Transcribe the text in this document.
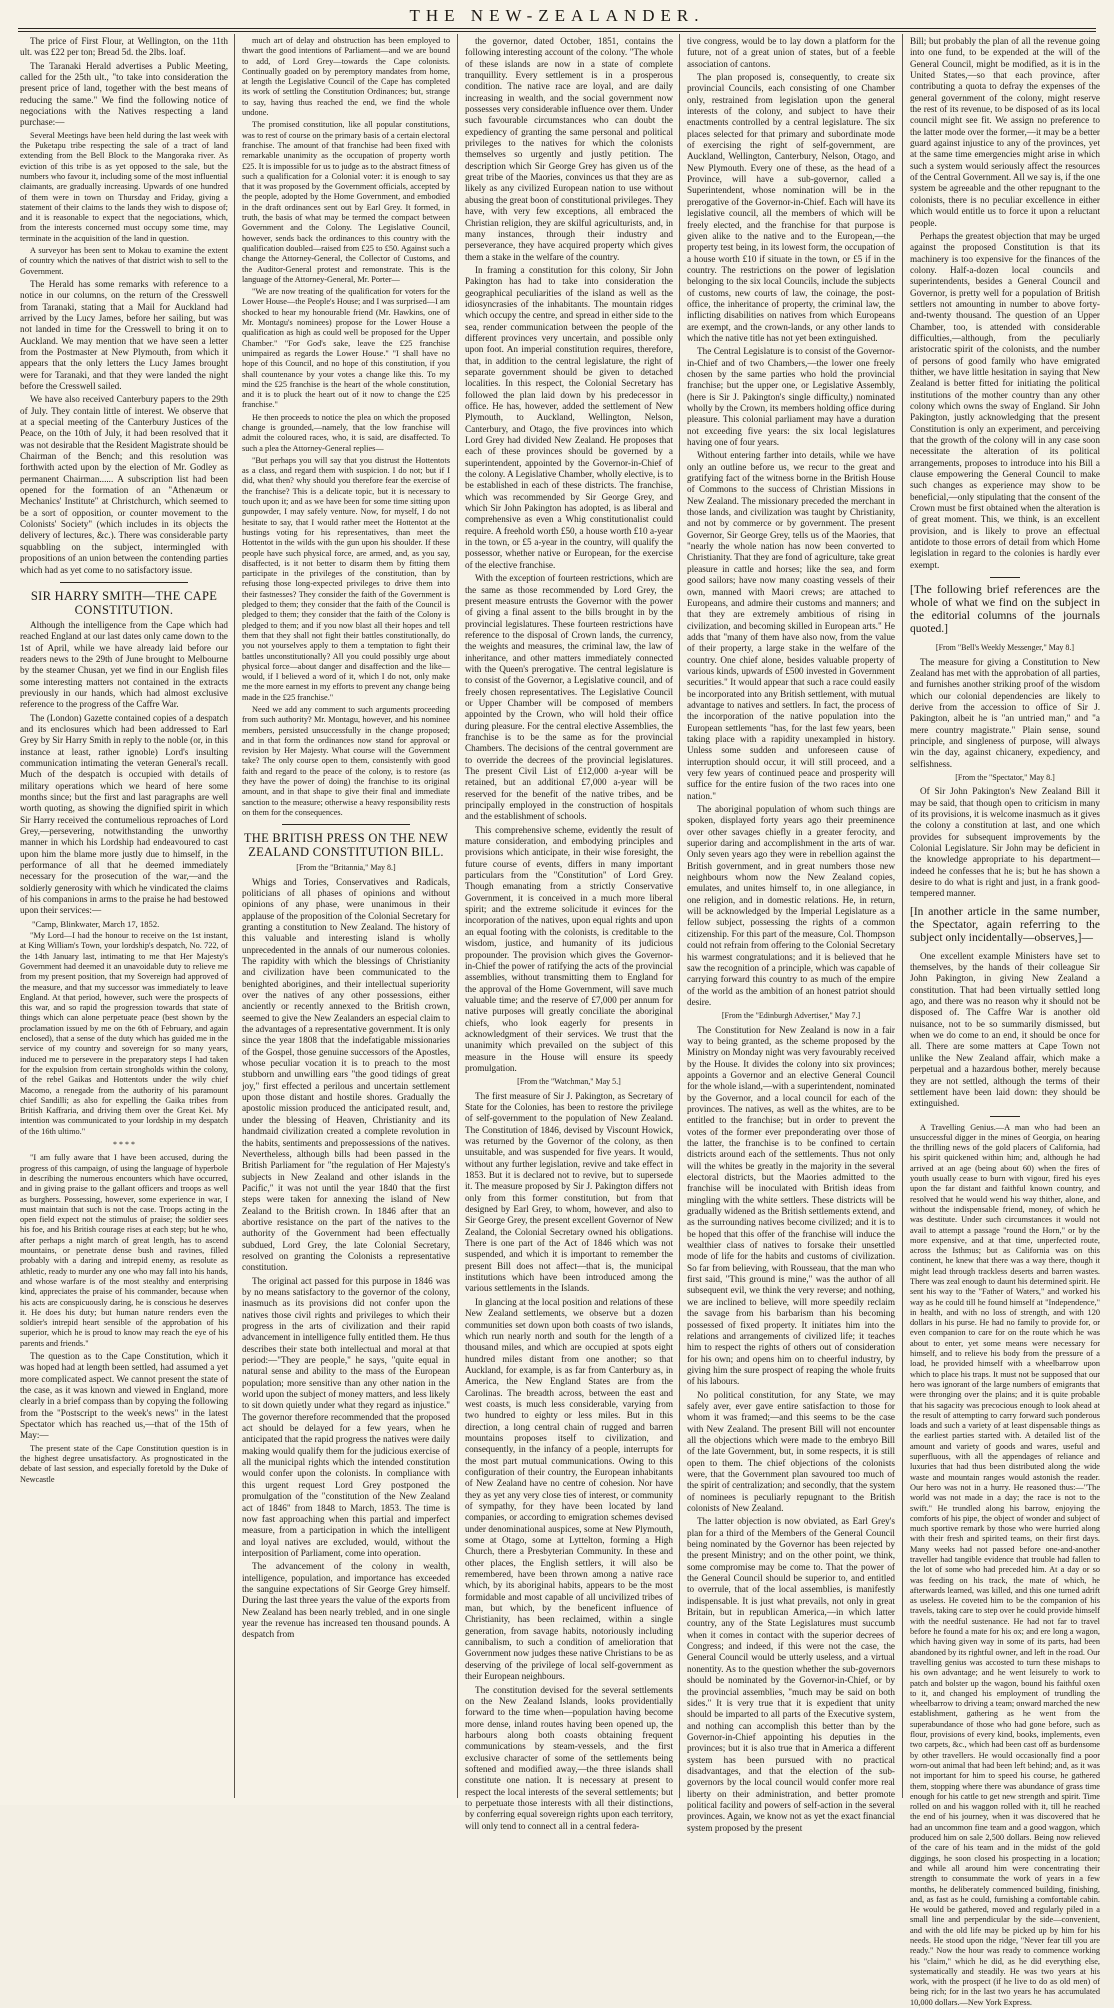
THE NEW-ZEALANDER.

The price of First Flour, at Wellington, on the 11th ult. was £22 per ton; Bread 5d. the 2lbs. loaf.

The Taranaki Herald advertises a Public Meeting, called for the 25th ult., "to take into consideration the present price of land, together with the best means of reducing the same." We find the following notice of negociations with the Natives respecting a land purchase:—

Several Meetings have been held during the last week with the Puketapu tribe respecting the sale of a tract of land extending from the Bell Block to the Mangoraka river. As eviction of this tribe is as yet opposed to the sale, but the numbers who favour it, including some of the most influential claimants, are gradually increasing. Upwards of one hundred of them were in town on Thursday and Friday, giving a statement of their claims to the lands they wish to dispose of; and it is reasonable to expect that the negociations, which, from the interests concerned must occupy some time, may terminate in the acquisition of the land in question.

A surveyor has been sent to Mokau to examine the extent of country which the natives of that district wish to sell to the Government.

The Herald has some remarks with reference to a notice in our columns, on the return of the Cresswell from Taranaki, stating that a Mail for Auckland had arrived by the Lucy James, before her sailing, but was not landed in time for the Cresswell to bring it on to Auckland. We may mention that we have seen a letter from the Postmaster at New Plymouth, from which it appears that the only letters the Lucy James brought were for Taranaki, and that they were landed the night before the Cresswell sailed.

We have also received Canterbury papers to the 29th of July. They contain little of interest. We observe that at a special meeting of the Canterbury Justices of the Peace, on the 10th of July, it had been resolved that it was not desirable that the Resident Magistrate should be Chairman of the Bench; and this resolution was forthwith acted upon by the election of Mr. Godley as permanent Chairman...... A subscription list had been opened for the formation of an "Athenæum or Mechanics' Institute" at Christchurch, which seemed to be a sort of opposition, or counter movement to the Colonists' Society" (which includes in its objects the delivery of lectures, &c.). There was considerable party squabbling on the subject, intermingled with propositions of an union between the contending parties which had as yet come to no satisfactory issue.

SIR HARRY SMITH—THE CAPE CONSTITUTION.

Although the intelligence from the Cape which had reached England at our last dates only came down to the 1st of April, while we have already laid before our readers news to the 29th of June brought to Melbourne by the steamer Chusan, yet we find in our English files some interesting matters not contained in the extracts previously in our hands, which had almost exclusive reference to the progress of the Caffre War.

The (London) Gazette contained copies of a despatch and its enclosures which had been addressed to Earl Grey by Sir Harry Smith in reply to the noble (or, in this instance at least, rather ignoble) Lord's insulting communication intimating the veteran General's recall. Much of the despatch is occupied with details of military operations which we heard of here some months since; but the first and last paragraphs are well worth quoting, as showing the dignified spirit in which Sir Harry received the contumelious reproaches of Lord Grey,—persevering, notwithstanding the unworthy manner in which his Lordship had endeavoured to cast upon him the blame more justly due to himself, in the performance of all that he deemed immediately necessary for the prosecution of the war,—and the soldierly generosity with which he vindicated the claims of his companions in arms to the praise he had bestowed upon their services:—

"Camp, Blinkwater, March 17, 1852.

"My Lord—I had the honour to receive on the 1st instant, at King William's Town, your lordship's despatch, No. 722, of the 14th January last, intimating to me that Her Majesty's Government had deemed it an unavoidable duty to relieve me from my present position, that my Sovereign had approved of the measure, and that my successor was immediately to leave England. At that period, however, such were the prospects of this war, and so rapid the progression towards that state of things which can alone perpetuate peace (best shown by the proclamation issued by me on the 6th of February, and again enclosed), that a sense of the duty which has guided me in the service of my country and sovereign for so many years, induced me to persevere in the preparatory steps I had taken for the expulsion from certain strongholds within the colony, of the rebel Gaikas and Hottentots under the wily chief Macomo, a renegade from the authority of his paramount chief Sandilli; as also for expelling the Gaika tribes from British Kaffraria, and driving them over the Great Kei. My intention was communicated to your lordship in my despatch of the 16th ultimo."

* * * *

"I am fully aware that I have been accused, during the progress of this campaign, of using the language of hyperbole in describing the numerous encounters which have occurred, and in giving praise to the gallant officers and troops as well as burghers. Possessing, however, some experience in war, I must maintain that such is not the case. Troops acting in the open field expect not the stimulus of praise; the soldier sees his foe, and his British courage rises at each step; but he who, after perhaps a night march of great length, has to ascend mountains, or penetrate dense bush and ravines, filled probably with a daring and intrepid enemy, as resolute as athletic, ready to murder any one who may fall into his hands, and whose warfare is of the most stealthy and enterprising kind, appreciates the praise of his commander, because when his acts are conspicuously daring, he is conscious he deserves it. He does his duty; but human nature renders even the soldier's intrepid heart sensible of the approbation of his superior, which he is proud to know may reach the eye of his parents and friends."

The question as to the Cape Constitution, which it was hoped had at length been settled, had assumed a yet more complicated aspect. We cannot present the state of the case, as it was known and viewed in England, more clearly in a brief compass than by copying the following from the "Postscript to the week's news" in the latest Spectator which has reached us,—that of the 15th of May:—

The present state of the Cape Constitution question is in the highest degree unsatisfactory. As prognosticated in the debate of last session, and especially foretold by the Duke of Newcastle

much art of delay and obstruction has been employed to thwart the good intentions of Parliament—and we are bound to add, of Lord Grey—towards the Cape colonists. Continually goaded on by peremptory mandates from home, at length the Legislative Council of the Cape has completed its work of settling the Constitution Ordinances; but, strange to say, having thus reached the end, we find the whole undone.

The promised constitution, like all popular constitutions, was to rest of course on the primary basis of a certain electoral franchise. The amount of that franchise had been fixed with remarkable unanimity as the occupation of property worth £25. It is impossible for us to judge as to the abstract fitness of such a qualification for a Colonial voter: it is enough to say that it was proposed by the Government officials, accepted by the people, adopted by the Home Government, and embodied in the draft ordinances sent out by Earl Grey. It formed, in truth, the basis of what may be termed the compact between Government and the Colony. The Legislative Council, however, sends back the ordinances to this country with the qualification doubled—raised from £25 to £50. Against such a change the Attorney-General, the Collector of Customs, and the Auditor-General protest and remonstrate. This is the language of the Attorney-General, Mr. Porter—

"We are now treating of the qualification for voters for the Lower House—the People's House; and I was surprised—I am shocked to hear my honourable friend (Mr. Hawkins, one of Mr. Montagu's nominees) propose for the Lower House a qualification as high as could well be proposed for the Upper Chamber." "For God's sake, leave the £25 franchise unimpaired as regards the Lower House." "I shall have no hope of this Council, and no hope of this constitution, if you shall countenance by your votes a change like this. To my mind the £25 franchise is the heart of the whole constitution, and it is to pluck the heart out of it now to change the £25 franchise."

He then proceeds to notice the plea on which the proposed change is grounded,—namely, that the low franchise will admit the coloured races, who, it is said, are disaffected. To such a plea the Attorney-General replies—

"But perhaps you will say that you distrust the Hottentots as a class, and regard them with suspicion. I do not; but if I did, what then? why should you therefore fear the exercise of the franchise? This is a delicate topic, but it is necessary to touch upon it; and as we have been for some time sitting upon gunpowder, I may safely venture. Now, for myself, I do not hesitate to say, that I would rather meet the Hottentot at the hustings voting for his representatives, than meet the Hottentot in the wilds with the gun upon his shoulder. If these people have such physical force, are armed, and, as you say, disaffected, is it not better to disarm them by fitting them participate in the privileges of the constitution, than by refusing those long-expected privileges to drive them into their fastnesses? They consider the faith of the Government is pledged to them; they consider that the faith of the Council is pledged to them; they consider that the faith of the Colony is pledged to them; and if you now blast all their hopes and tell them that they shall not fight their battles constitutionally, do you not yourselves apply to them a temptation to fight their battles unconstitutionally? All you could possibly urge about physical force—about danger and disaffection and the like—would, if I believed a word of it, which I do not, only make me the more earnest in my efforts to prevent any change being made in the £25 franchise."

Need we add any comment to such arguments proceeding from such authority? Mr. Montagu, however, and his nominee members, persisted unsuccessfully in the change proposed; and in that form the ordinances now stand for approval or revision by Her Majesty. What course will the Government take? The only course open to them, consistently with good faith and regard to the peace of the colony, is to restore (as they have the power of doing) the franchise to its original amount, and in that shape to give their final and immediate sanction to the measure; otherwise a heavy responsibility rests on them for the consequences.

THE BRITISH PRESS ON THE NEW ZEALAND CONSTITUTION BILL.

[From the "Britannia," May 8.]

Whigs and Tories, Conservatives and Radicals, politicians of all phases of opinions and without opinions of any phase, were unanimous in their applause of the proposition of the Colonial Secretary for granting a constitution to New Zealand. The history of this valuable and interesting island is wholly unprecedented in the annals of our numerous colonies. The rapidity with which the blessings of Christianity and civilization have been communicated to the benighted aborigines, and their intellectual superiority over the natives of any other possessions, either anciently or recently annexed to the British crown, seemed to give the New Zealanders an especial claim to the advantages of a representative government. It is only since the year 1808 that the indefatigable missionaries of the Gospel, those genuine successors of the Apostles, whose peculiar vocation it is to preach to the most stubborn and unwilling ears "the good tidings of great joy," first effected a perilous and uncertain settlement upon those distant and hostile shores. Gradually the apostolic mission produced the anticipated result, and, under the blessing of Heaven, Christianity and its handmaid civilization created a complete revolution in the habits, sentiments and prepossessions of the natives. Nevertheless, although bills had been passed in the British Parliament for "the regulation of Her Majesty's subjects in New Zealand and other islands in the Pacific," it was not until the year 1840 that the first steps were taken for annexing the island of New Zealand to the British crown. In 1846 after that an abortive resistance on the part of the natives to the authority of the Government had been effectually subdued, Lord Grey, the late Colonial Secretary, resolved on granting the Colonists a representative constitution.

The original act passed for this purpose in 1846 was by no means satisfactory to the governor of the colony, inasmuch as its provisions did not confer upon the natives those civil rights and privileges to which their progress in the arts of civilization and their rapid advancement in intelligence fully entitled them. He thus describes their state both intellectual and moral at that period:—"They are people," he says, "quite equal in natural sense and ability to the mass of the European population; more sensitive than any other nation in the world upon the subject of money matters, and less likely to sit down quietly under what they regard as injustice." The governor therefore recommended that the proposed act should be delayed for a few years, when he anticipated that the rapid progress the natives were daily making would qualify them for the judicious exercise of all the municipal rights which the intended constitution would confer upon the colonists. In compliance with this urgent request Lord Grey postponed the promulgation of the "constitution of the New Zealand act of 1846" from 1848 to March, 1853. The time is now fast approaching when this partial and imperfect measure, from a participation in which the intelligent and loyal natives are excluded, would, without the interposition of Parliament, come into operation.

The advancement of the colony in wealth, intelligence, population, and importance has exceeded the sanguine expectations of Sir George Grey himself. During the last three years the value of the exports from New Zealand has been nearly trebled, and in one single year the revenue has increased ten thousand pounds. A despatch from

the governor, dated October, 1851, contains the following interesting account of the colony. "The whole of these islands are now in a state of complete tranquillity. Every settlement is in a prosperous condition. The native race are loyal, and are daily increasing in wealth, and the social government now possesses very considerable influence over them. Under such favourable circumstances who can doubt the expediency of granting the same personal and political privileges to the natives for which the colonists themselves so urgently and justly petition. The description which Sir George Grey has given us of the great tribe of the Maories, convinces us that they are as likely as any civilized European nation to use without abusing the great boon of constitutional privileges. They have, with very few exceptions, all embraced the Christian religion, they are skilful agriculturists, and, in many instances, through their industry and perseverance, they have acquired property which gives them a stake in the welfare of the country.

In framing a constitution for this colony, Sir John Pakington has had to take into consideration the geographical peculiarities of the island as well as the idiosyncrasies of the inhabitants. The mountain ridges which occupy the centre, and spread in either side to the sea, render communication between the people of the different provinces very uncertain, and possible only upon foot. An imperial constitution requires, therefore, that, in addition to the central legislature, the right of separate government should be given to detached localities. In this respect, the Colonial Secretary has followed the plan laid down by his predecessor in office. He has, however, added the settlement of New Plymouth, to Auckland, Wellington, Nelson, Canterbury, and Otago, the five provinces into which Lord Grey had divided New Zealand. He proposes that each of these provinces should be governed by a superintendent, appointed by the Governor-in-Chief of the colony. A Legislative Chamber, wholly elective, is to be established in each of these districts. The franchise, which was recommended by Sir George Grey, and which Sir John Pakington has adopted, is as liberal and comprehensive as even a Whig constitutionalist could require. A freehold worth £50, a house worth £10 a-year in the town, or £5 a-year in the country, will qualify the possessor, whether native or European, for the exercise of the elective franchise.

With the exception of fourteen restrictions, which are the same as those recommended by Lord Grey, the present measure entrusts the Governor with the power of giving a final assent to the bills brought in by the provincial legislatures. These fourteen restrictions have reference to the disposal of Crown lands, the currency, the weights and measures, the criminal law, the law of inheritance, and other matters immediately connected with the Queen's prerogative. The central legislature is to consist of the Governor, a Legislative council, and of freely chosen representatives. The Legislative Council or Upper Chamber will be composed of members appointed by the Crown, who will hold their office during pleasure. For the central elective Assemblies, the franchise is to be the same as for the provincial Chambers. The decisions of the central government are to override the decrees of the provincial legislatures. The present Civil List of £12,000 a-year will be retained, but an additional £7,000 a-year will be reserved for the benefit of the native tribes, and be principally employed in the construction of hospitals and the establishment of schools.

This comprehensive scheme, evidently the result of mature consideration, and embodying principles and provisions which anticipate, in their wise foresight, the future course of events, differs in many important particulars from the "Constitution" of Lord Grey. Though emanating from a strictly Conservative Government, it is conceived in a much more liberal spirit; and the extreme solicitude it evinces for the incorporation of the natives, upon equal rights and upon an equal footing with the colonists, is creditable to the wisdom, justice, and humanity of its judicious propounder. The provision which gives the Governor-in-Chief the power of ratifying the acts of the provincial assemblies, without transmitting them to England for the approval of the Home Government, will save much valuable time; and the reserve of £7,000 per annum for native purposes will greatly conciliate the aboriginal chiefs, who look eagerly for presents in acknowledgment of their services. We trust that the unanimity which prevailed on the subject of this measure in the House will ensure its speedy promulgation.

[From the "Watchman," May 5.]

The first measure of Sir J. Pakington, as Secretary of State for the Colonies, has been to restore the privilege of self-government to the population of New Zealand. The Constitution of 1846, devised by Viscount Howick, was returned by the Governor of the colony, as then unsuitable, and was suspended for five years. It would, without any further legislation, revive and take effect in 1853. But it is declared not to revive, but to supersede it. The measure proposed by Sir J. Pakington differs not only from this former constitution, but from that designed by Earl Grey, to whom, however, and also to Sir George Grey, the present excellent Governor of New Zealand, the Colonial Secretary owned his obligations. There is one part of the Act of 1846 which was not suspended, and which it is important to remember the present Bill does not affect—that is, the municipal institutions which have been introduced among the various settlements in the Islands.

In glancing at the local position and relations of these New Zealand settlements, we observe but a dozen communities set down upon both coasts of two islands, which run nearly north and south for the length of a thousand miles, and which are occupied at spots eight hundred miles distant from one another; so that Auckland, for example, is as far from Canterbury as, in America, the New England States are from the Carolinas. The breadth across, between the east and west coasts, is much less considerable, varying from two hundred to eighty or less miles. But in this direction, a long central chain of rugged and barren mountains proposes itself to civilization, and consequently, in the infancy of a people, interrupts for the most part mutual communications. Owing to this configuration of their country, the European inhabitants of New Zealand have no centre of cohesion. Nor have they as yet any very close ties of interest, or community of sympathy, for they have been located by land companies, or according to emigration schemes devised under denominational auspices, some at New Plymouth, some at Otago, some at Lyttelton, forming a High Church, there a Presbyterian Community. In these and other places, the English settlers, it will also be remembered, have been thrown among a native race which, by its aboriginal habits, appears to be the most formidable and most capable of all uncivilized tribes of man, but which, by the beneficent influence of Christianity, has been reclaimed, within a single generation, from savage habits, notoriously including cannibalism, to such a condition of amelioration that Government now judges these native Christians to be as deserving of the privilege of local self-government as their European neighbours.

The constitution devised for the several settlements on the New Zealand Islands, looks providentially forward to the time when—population having become more dense, inland routes having been opened up, the harbours along both coasts obtaining frequent communications by steam-vessels, and the first exclusive character of some of the settlements being softened and modified away,—the three islands shall constitute one nation. It is necessary at present to respect the local interests of the several settlements; but to perpetuate those interests with all their distinctions, by conferring equal sovereign rights upon each territory, will only tend to connect all in a central federa-

tive congress, would be to lay down a platform for the future, not of a great union of states, but of a feeble association of cantons.

The plan proposed is, consequently, to create six provincial Councils, each consisting of one Chamber only, restrained from legislation upon the general interests of the colony, and subject to have their enactments controlled by a central legislature. The six places selected for that primary and subordinate mode of exercising the right of self-government, are Auckland, Wellington, Canterbury, Nelson, Otago, and New Plymouth. Every one of these, as the head of a Province, will have a sub-governor, called a Superintendent, whose nomination will be in the prerogative of the Governor-in-Chief. Each will have its legislative council, all the members of which will be freely elected, and the franchise for that purpose is given alike to the native and to the European,—the property test being, in its lowest form, the occupation of a house worth £10 if situate in the town, or £5 if in the country. The restrictions on the power of legislation belonging to the six local Councils, include the subjects of customs, new courts of law, the coinage, the post-office, the inheritance of property, the criminal law, the inflicting disabilities on natives from which Europeans are exempt, and the crown-lands, or any other lands to which the native title has not yet been extinguished.

The Central Legislature is to consist of the Governor-in-Chief and of two Chambers,—the lower one freely chosen by the same parties who hold the provincial franchise; but the upper one, or Legislative Assembly, (here is Sir J. Pakington's single difficulty,) nominated wholly by the Crown, its members holding office during pleasure. This colonial parliament may have a duration not exceeding five years: the six local legislatures having one of four years.

Without entering farther into details, while we have only an outline before us, we recur to the great and gratifying fact of the witness borne in the British House of Commons to the success of Christian Missions in New Zealand. The missionary preceded the merchant in those lands, and civilization was taught by Christianity, and not by commerce or by government. The present Governor, Sir George Grey, tells us of the Maories, that "nearly the whole nation has now been converted to Christianity. That they are fond of agriculture, take great pleasure in cattle and horses; like the sea, and form good sailors; have now many coasting vessels of their own, manned with Maori crews; are attached to Europeans, and admire their customs and manners; and that they are extremely ambitious of rising in civilization, and becoming skilled in European arts." He adds that "many of them have also now, from the value of their property, a large stake in the welfare of the country. One chief alone, besides valuable property of various kinds, upwards of £500 invested in Government securities." It would appear that such a race could easily be incorporated into any British settlement, with mutual advantage to natives and settlers. In fact, the process of the incorporation of the native population into the European settlements "has, for the last few years, been taking place with a rapidity unexampled in history. Unless some sudden and unforeseen cause of interruption should occur, it will still proceed, and a very few years of continued peace and prosperity will suffice for the entire fusion of the two races into one nation."

The aboriginal population of whom such things are spoken, displayed forty years ago their preeminence over other savages chiefly in a greater ferocity, and superior daring and accomplishment in the arts of war. Only seven years ago they were in rebellion against the British government, and in great numbers those new neighbours whom now the New Zealand copies, emulates, and unites himself to, in one allegiance, in one religion, and in domestic relations. He, in return, will be acknowledged by the Imperial Legislature as a fellow subject, possessing the rights of a common citizenship. For this part of the measure, Col. Thompson could not refrain from offering to the Colonial Secretary his warmest congratulations; and it is believed that he saw the recognition of a principle, which was capable of carrying forward this country to as much of the empire of the world as the ambition of an honest patriot should desire.

[From the "Edinburgh Advertiser," May 7.]

The Constitution for New Zealand is now in a fair way to being granted, as the scheme proposed by the Ministry on Monday night was very favourably received by the House. It divides the colony into six provinces; appoints a Governor and an elective General Council for the whole island,—with a superintendent, nominated by the Governor, and a local council for each of the provinces. The natives, as well as the whites, are to be entitled to the franchise; but in order to prevent the votes of the former ever preponderating over those of the latter, the franchise is to be confined to certain districts around each of the settlements. Thus not only will the whites be greatly in the majority in the several electoral districts, but the Maories admitted to the franchise will be inoculated with British ideas from mingling with the white settlers. These districts will be gradually widened as the British settlements extend, and as the surrounding natives become civilized; and it is to be hoped that this offer of the franchise will induce the wealthier class of natives to forsake their unsettled mode of life for the habits and customs of civilization. So far from believing, with Rousseau, that the man who first said, "This ground is mine," was the author of all subsequent evil, we think the very reverse; and nothing, we are inclined to believe, will more speedily reclaim the savage from his barbarism than his becoming possessed of fixed property. It initiates him into the relations and arrangements of civilized life; it teaches him to respect the rights of others out of consideration for his own; and opens him on to cheerful industry, by giving him the sure prospect of reaping the whole fruits of his labours.

No political constitution, for any State, we may safely aver, ever gave entire satisfaction to those for whom it was framed;—and this seems to be the case with New Zealand. The present Bill will not encounter all the objections which were made to the embryo Bill of the late Government, but, in some respects, it is still open to them. The chief objections of the colonists were, that the Government plan savoured too much of the spirit of centralization; and secondly, that the system of nominees is peculiarly repugnant to the British colonists of New Zealand.

The latter objection is now obviated, as Earl Grey's plan for a third of the Members of the General Council being nominated by the Governor has been rejected by the present Ministry; and on the other point, we think, some compromise may be come to. That the power of the General Council should be superior to, and entitled to overrule, that of the local assemblies, is manifestly indispensable. It is just what prevails, not only in great Britain, but in republican America,—in which latter country, any of the State Legislatures must succumb when it comes in contact with the superior decrees of Congress; and indeed, if this were not the case, the General Council would be utterly useless, and a virtual nonentity. As to the question whether the sub-governors should be nominated by the Governor-in-Chief, or by the provincial assemblies, "much may be said on both sides." It is very true that it is expedient that unity should be imparted to all parts of the Executive system, and nothing can accomplish this better than by the Governor-in-Chief appointing his deputies in the provinces; but it is also true that in America a different system has been pursued with no practical disadvantages, and that the election of the sub-governors by the local council would confer more real liberty on their administration, and better promote political facility and powers of self-action in the several provinces. Again, we know not as yet the exact financial system proposed by the present

Bill; but probably the plan of all the revenue going into one fund, to be expended at the will of the General Council, might be modified, as it is in the United States,—so that each province, after contributing a quota to defray the expenses of the general government of the colony, might reserve the rest of its revenue, to be disposed of as its local council might see fit. We assign no preference to the latter mode over the former,—it may be a better guard against injustice to any of the provinces, yet at the same time emergencies might arise in which such a system would seriously affect the resources of the Central Government. All we say is, if the one system be agreeable and the other repugnant to the colonists, there is no peculiar excellence in either which would entitle us to force it upon a reluctant people.

Perhaps the greatest objection that may be urged against the proposed Constitution is that its machinery is too expensive for the finances of the colony. Half-a-dozen local councils and superintendents, besides a General Council and Governor, is pretty well for a population of British settlers not amounting in number to above forty-and-twenty thousand. The question of an Upper Chamber, too, is attended with considerable difficulties,—although, from the peculiarly aristocratic spirit of the colonists, and the number of persons of good family who have emigrated thither, we have little hesitation in saying that New Zealand is better fitted for initiating the political institutions of the mother country than any other colony which owns the sway of England. Sir John Pakington, justly acknowledging that the present Constitution is only an experiment, and perceiving that the growth of the colony will in any case soon necessitate the alteration of its political arrangements, proposes to introduce into his Bill a clause empowering the General Council to make such changes as experience may show to be beneficial,—only stipulating that the consent of the Crown must be first obtained when the alteration is of great moment. This, we think, is an excellent provision, and is likely to prove an effectual antidote to those errors of detail from which Home legislation in regard to the colonies is hardly ever exempt.

[The following brief references are the whole of what we find on the subject in the editorial columns of the journals quoted.]

[From "Bell's Weekly Messenger," May 8.]

The measure for giving a Constitution to New Zealand has met with the approbation of all parties, and furnishes another striking proof of the wisdom which our colonial dependencies are likely to derive from the accession to office of Sir J. Pakington, albeit he is "an untried man," and "a mere country magistrate." Plain sense, sound principle, and singleness of purpose, will always win the day, against chicanery, expediency, and selfishness.

[From the "Spectator," May 8.]

Of Sir John Pakington's New Zealand Bill it may be said, that though open to criticism in many of its provisions, it is welcome inasmuch as it gives the colony a constitution at last, and one which provides for subsequent improvements by the Colonial Legislature. Sir John may be deficient in the knowledge appropriate to his department—indeed he confesses that he is; but he has shown a desire to do what is right and just, in a frank good-tempered manner.

[In another article in the same number, the Spectator, again referring to the subject only incidentally—observes,]—

One excellent example Ministers have set to themselves, by the hands of their colleague Sir John Pakington, in giving New Zealand a constitution. That had been virtually settled long ago, and there was no reason why it should not be disposed of. The Caffre War is another old nuisance, not to be so summarily dismissed, but when we do come to an end, it should be once for all. There are some matters at Cape Town not unlike the New Zealand affair, which make a perpetual and a hazardous bother, merely because they are not settled, although the terms of their settlement have been laid down: they should be extinguished.

A Travelling Genius.—A man who had been an unsuccessful digger in the mines of Georgia, on hearing the thrilling news of the gold placers of California, had his spirit quickened within him; and, although he had arrived at an age (being about 60) when the fires of youth usually cease to burn with vigour, fired his eyes upon the far distant and faithful known country, and resolved that he would wend his way thither, alone, and without the indispensable friend, money, of which he was destitute. Under such circumstances it would not avail to attempt a passage "round the Horn," or by the more expensive, and at that time, unperfected route, across the Isthmus; but as California was on this continent, he knew that there was a way there, though it might lead through trackless deserts and barren wastes. There was zeal enough to daunt his determined spirit. He sent his way to the "Father of Waters," and worked his way as he could till he found himself at "Independence," in health, and with no loss of strength, and with 120 dollars in his purse. He had no family to provide for, or even companion to care for on the route which he was about to enter, yet some means were necessary for himself, and to relieve his body from the pressure of a load, he provided himself with a wheelbarrow upon which to place his traps. It must not be supposed that our hero was ignorant of the large numbers of emigrants that were thronging over the plains; and it is quite probable that his sagacity was precocious enough to look ahead at the result of attempting to carry forward such ponderous loads and such a variety of at least dispensable things as the earliest parties started with. A detailed list of the amount and variety of goods and wares, useful and superfluous, with all the appendages of reliance and luxuries that had thus been distributed along the wide waste and mountain ranges would astonish the reader. Our hero was not in a hurry. He reasoned thus:—"The world was not made in a day; the race is not to the swift." He trundled along his barrow, enjoying the comforts of his pipe, the object of wonder and subject of much sportive remark by those who were hurried along with their fresh and spirited teams, on their first days. Many weeks had not passed before one-and-another traveller had tangible evidence that trouble had fallen to the lot of some who had preceded him. At a day or so was feeding on his track, the mate of which, he afterwards learned, was killed, and this one turned adrift as useless. He coveted him to be the companion of his travels, taking care to step over he could provide himself with the needful sustenance. He had not far to travel before he found a mate for his ox; and ere long a wagon, which having given way in some of its parts, had been abandoned by its rightful owner, and left in the road. Our travelling genius was accosted to turn these mishaps to his own advantage; and he went leisurely to work to patch and bolster up the wagon, bound his faithful oxen to it, and changed his employment of trundling the wheelbarrow to driving a team; onward marched the new establishment, gathering as he went from the superabundance of those who had gone before, such as flour, provisions of every kind, books, implements, even two carpets, &c., which had been cast off as burdensome by other travellers. He would occasionally find a poor worn-out animal that had been left behind; and, as it was not important for him to speed his course, he gathered them, stopping where there was abundance of grass time enough for his cattle to get new strength and spirit. Time rolled on and his waggon rolled with it, till he reached the end of his journey, when it was discovered that he had an uncommon fine team and a good waggon, which produced him on sale 2,500 dollars. Being now relieved of the care of his team and in the midst of the gold diggings, he soon closed his prospecting in a location; and while all around him were concentrating their strength to consummate the work of years in a few months, he deliberately commenced building, finishing, and, as fast as he could, furnishing a comfortable cabin. He would be gathered, moved and regularly piled in a small line and perpendicular by the side—convenient, and with the old life may be picked up by him for his needs. He stood upon the ridge, "Never fear till you are ready." Now the hour was ready to commence working his "claim," which he did, as he did everything else, systematically and steadily. He was two years at his work, with the prospect (if he live to do as old men) of being rich; for in the last two years he has accumulated 10,000 dollars.—New York Express.
